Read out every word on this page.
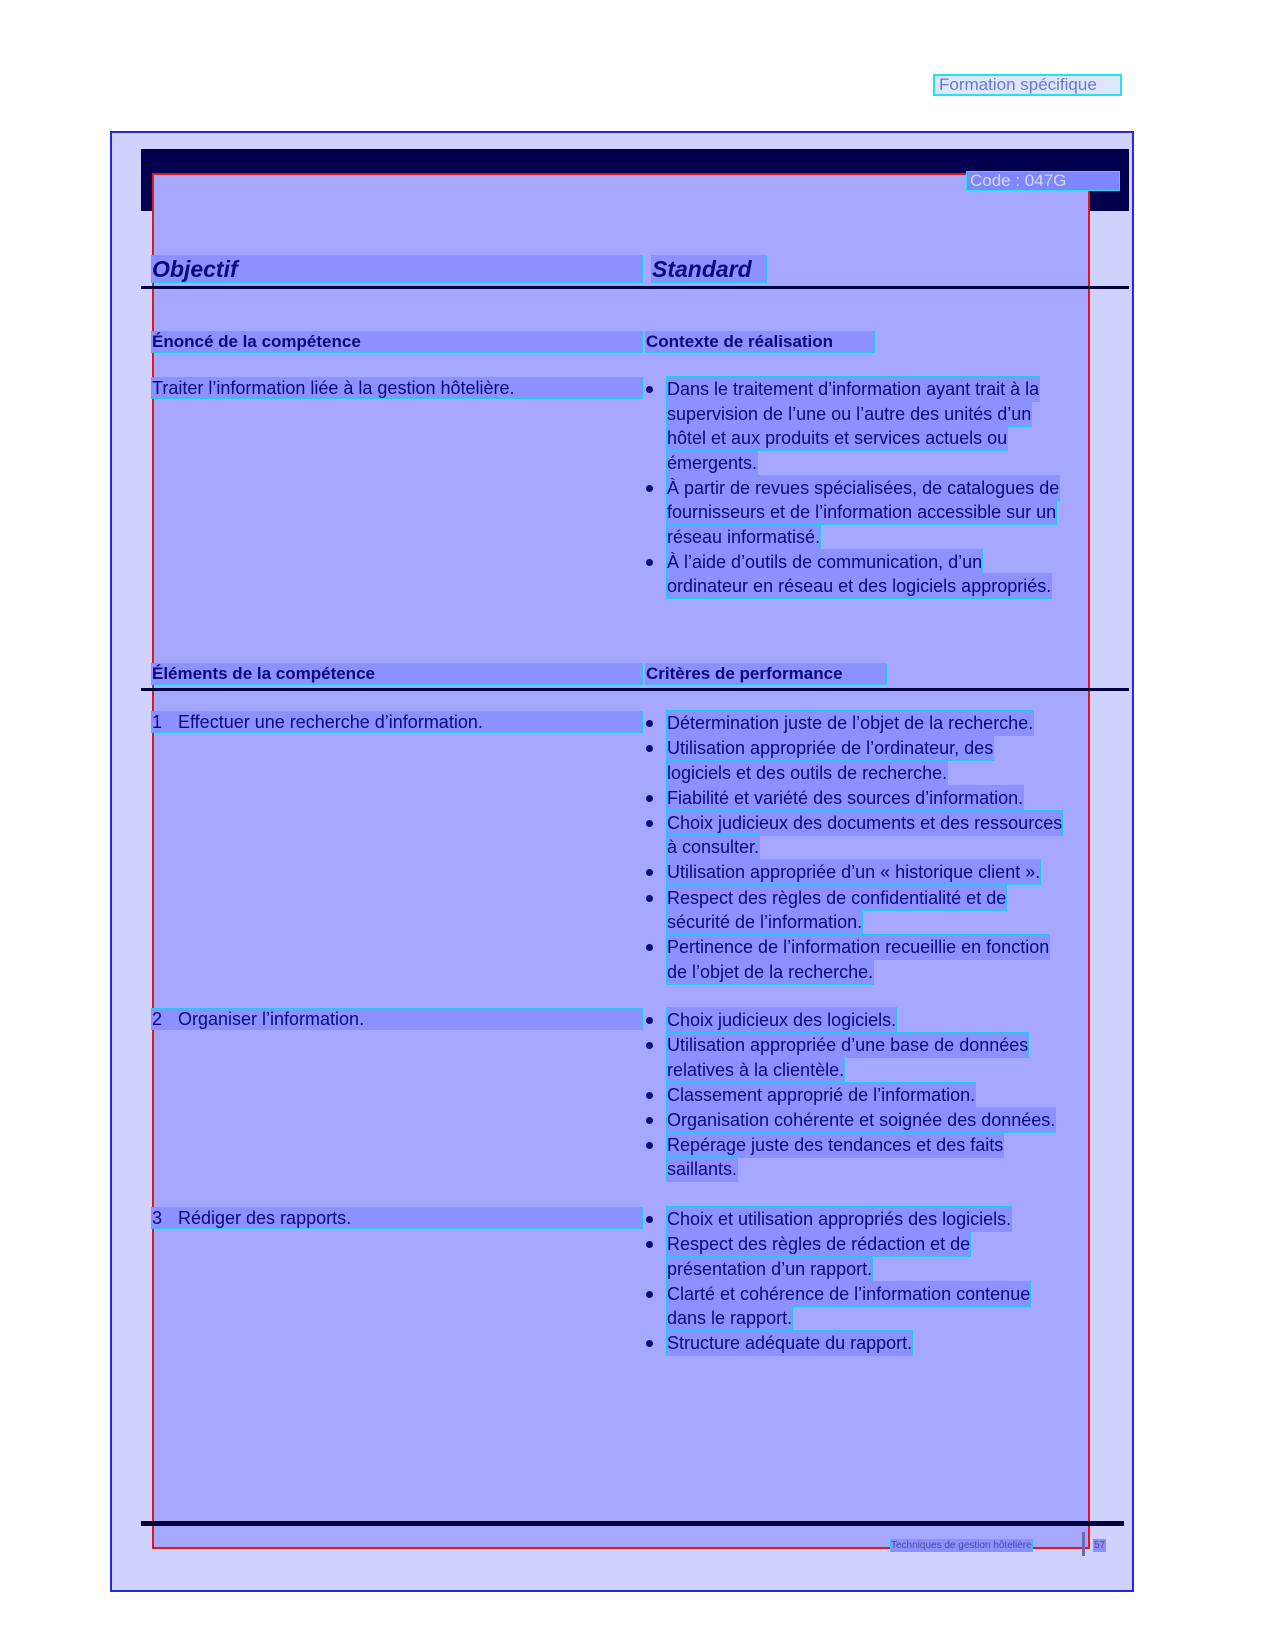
Formation spécifique
Code : 047G
Objectif	Standard
Énoncé de la compétence	Contexte de réalisation
Traiter l’information liée à la gestion hôtelière.	Dans le traitement d’information ayant trait à la
supervision de l’une ou l’autre des unités d’un
hôtel et aux produits et services actuels ou
émergents.
À partir de revues spécialisées, de catalogues de
fournisseurs et de l’information accessible sur un
réseau informatisé.
À l’aide d’outils de communication, d’un
ordinateur en réseau et des logiciels appropriés.
Éléments de la compétence	Critères de performance
1 Effectuer une recherche d’information.	Détermination juste de l’objet de la recherche.
Utilisation appropriée de l’ordinateur, des
logiciels et des outils de recherche.
Fiabilité et variété des sources d’information.
Choix judicieux des documents et des ressources
à consulter.
Utilisation appropriée d’un « historique client ».
Respect des règles de confidentialité et de
sécurité de l’information.
Pertinence de l’information recueillie en fonction
de l’objet de la recherche.
2 Organiser l’information.	Choix judicieux des logiciels.
Utilisation appropriée d’une base de données
relatives à la clientèle.
Classement approprié de l’information.
Organisation cohérente et soignée des données.
Repérage juste des tendances et des faits
saillants.
3 Rédiger des rapports.	Choix et utilisation appropriés des logiciels.
Respect des règles de rédaction et de
présentation d’un rapport.
Clarté et cohérence de l’information contenue
dans le rapport.
Structure adéquate du rapport.
Techniques de gestion hôtelière	57
